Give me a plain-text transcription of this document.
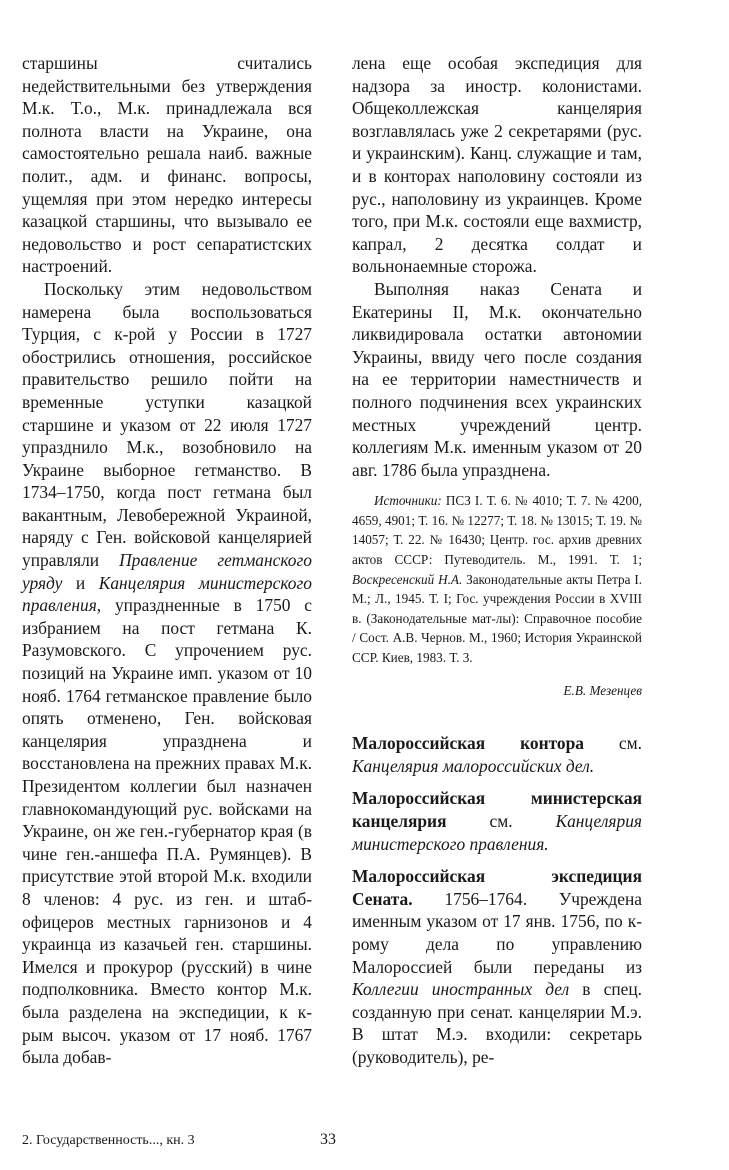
старшины считались недействительными без утверждения М.к. Т.о., М.к. принадлежала вся полнота власти на Украине, она самостоятельно решала наиб. важные полит., адм. и финанс. вопросы, ущемляя при этом нередко интересы казацкой старшины, что вызывало ее недовольство и рост сепаратистских настроений.

Поскольку этим недовольством намерена была воспользоваться Турция, с к-рой у России в 1727 обострились отношения, российское правительство решило пойти на временные уступки казацкой старшине и указом от 22 июля 1727 упразднило М.к., возобновило на Украине выборное гетманство. В 1734–1750, когда пост гетмана был вакантным, Левобережной Украиной, наряду с Ген. войсковой канцелярией управляли Правление гетманского уряду и Канцелярия министерского правления, упраздненные в 1750 с избранием на пост гетмана К. Разумовского. С упрочением рус. позиций на Украине имп. указом от 10 нояб. 1764 гетманское правление было опять отменено, Ген. войсковая канцелярия упразднена и восстановлена на прежних правах М.к. Президентом коллегии был назначен главнокомандующий рус. войсками на Украине, он же ген.-губернатор края (в чине ген.-аншефа П.А. Румянцев). В присутствие этой второй М.к. входили 8 членов: 4 рус. из ген. и штаб-офицеров местных гарнизонов и 4 украинца из казачьей ген. старшины. Имелся и прокурор (русский) в чине подполковника. Вместо контор М.к. была разделена на экспедиции, к к-рым высоч. указом от 17 нояб. 1767 была добав-

лена еще особая экспедиция для надзора за иностр. колонистами. Общеколлежская канцелярия возглавлялась уже 2 секретарями (рус. и украинским). Канц. служащие и там, и в конторах наполовину состояли из рус., наполовину из украинцев. Кроме того, при М.к. состояли еще вахмистр, капрал, 2 десятка солдат и вольнонаемные сторожа.

Выполняя наказ Сената и Екатерины II, М.к. окончательно ликвидировала остатки автономии Украины, ввиду чего после создания на ее территории наместничеств и полного подчинения всех украинских местных учреждений центр. коллегиям М.к. именным указом от 20 авг. 1786 была упразднена.

Источники: ПСЗ I. Т. 6. № 4010; Т. 7. № 4200, 4659, 4901; Т. 16. № 12277; Т. 18. № 13015; Т. 19. № 14057; Т. 22. № 16430; Центр. гос. архив древних актов СССР: Путеводитель. М., 1991. Т. 1; Воскресенский Н.А. Законодательные акты Петра I. М.; Л., 1945. Т. I; Гос. учреждения России в XVIII в. (Законодательные мат-лы): Справочное пособие / Сост. А.В. Чернов. М., 1960; История Украинской ССР. Киев, 1983. Т. 3.

Е.В. Мезенцев

Малороссийская контора см. Канцелярия малороссийских дел.

Малороссийская министерская канцелярия см. Канцелярия министерского правления.

Малороссийская экспедиция Сената. 1756–1764. Учреждена именным указом от 17 янв. 1756, по к-рому дела по управлению Малороссией были переданы из Коллегии иностранных дел в спец. созданную при сенат. канцелярии М.э. В штат М.э. входили: секретарь (руководитель), ре-

2. Государственность..., кн. 3	33
